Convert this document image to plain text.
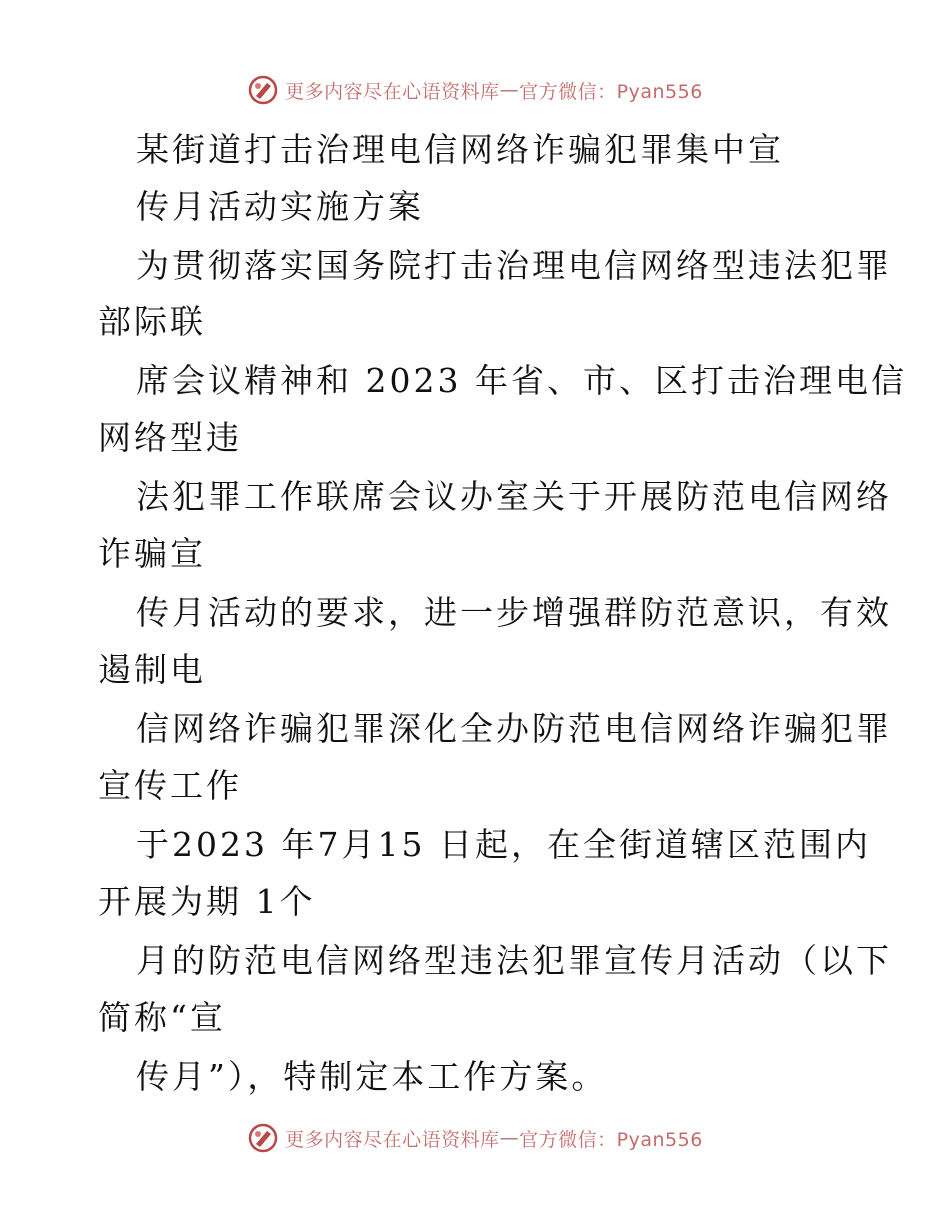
更多内容尽在心语资料库 — 官方微信：Pyan556
某街道打击治理电信网络诈骗犯罪集中宣
传月活动实施方案
为贯彻落实国务院打击治理电信网络型违法犯罪
部际联
席会议精神和 2023 年省、市、区打击治理电信
网络型违
法犯罪工作联席会议办室关于开展防范电信网络
诈骗宣
传月活动的要求，进一步增强群防范意识，有效
遏制电
信网络诈骗犯罪深化全办防范电信网络诈骗犯罪
宣传工作
于2023 年7月15 日起，在全街道辖区范围内
开展为期 1个
月的防范电信网络型违法犯罪宣传月活动（以下
简称“宣
传月”），特制定本工作方案。
更多内容尽在心语资料库 — 官方微信：Pyan556
